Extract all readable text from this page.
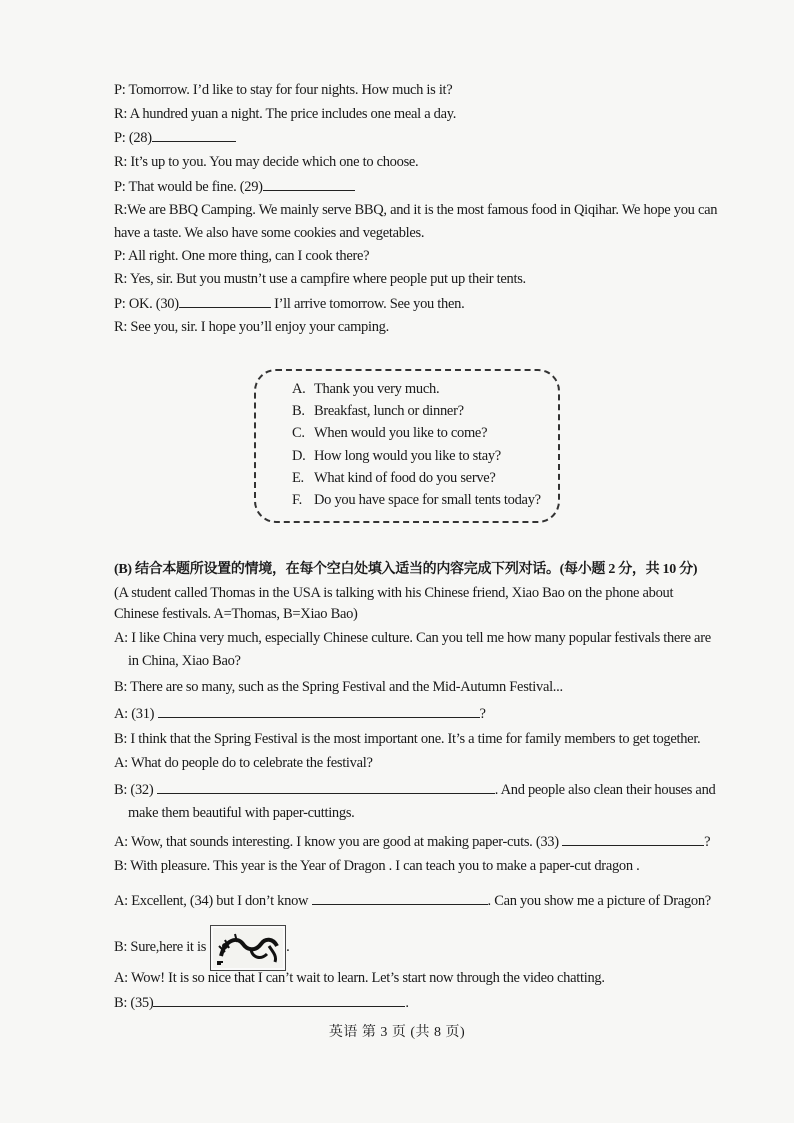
P: Tomorrow. I’d like to stay for four nights. How much is it?
R: A hundred yuan a night. The price includes one meal a day.
P: (28)
R: It’s up to you. You may decide which one to choose.
P: That would be fine. (29)
R:We are BBQ Camping. We mainly serve BBQ, and it is the most famous food in Qiqihar. We hope you can have a taste. We also have some cookies and vegetables.
P: All right. One more thing, can I cook there?
R: Yes, sir. But you mustn’t use a campfire where people put up their tents.
P: OK. (30)	I’ll arrive tomorrow. See you then.
R: See you, sir. I hope you’ll enjoy your camping.
A. Thank you very much.
B. Breakfast, lunch or dinner?
C. When would you like to come?
D. How long would you like to stay?
E. What kind of food do you serve?
F. Do you have space for small tents today?
(B) 结合本题所设置的情境，在每个空白处填入适当的内容完成下列对话。(每小题 2 分，共 10 分)
(A student called Thomas in the USA is talking with his Chinese friend, Xiao Bao on the phone about Chinese festivals. A=Thomas, B=Xiao Bao)
A: I like China very much, especially Chinese culture. Can you tell me how many popular festivals there are
in China, Xiao Bao?
B: There are so many, such as the Spring Festival and the Mid-Autumn Festival...
A: (31)	?
B: I think that the Spring Festival is the most important one. It’s a time for family members to get together.
A: What do people do to celebrate the festival?
B: (32)	. And people also clean their houses and
make them beautiful with paper-cuttings.
A: Wow, that sounds interesting. I know you are good at making paper-cuts. (33)	?
B: With pleasure. This year is the Year of Dragon . I can teach you to make a paper-cut dragon .
A: Excellent, (34) but I don’t know	. Can you show me a picture of Dragon?
B: Sure,here it is	.
A: Wow! It is so nice that I can’t wait to learn. Let’s start now through the video chatting.
B: (35)	.
英语 第 3 页 (共 8 页)
